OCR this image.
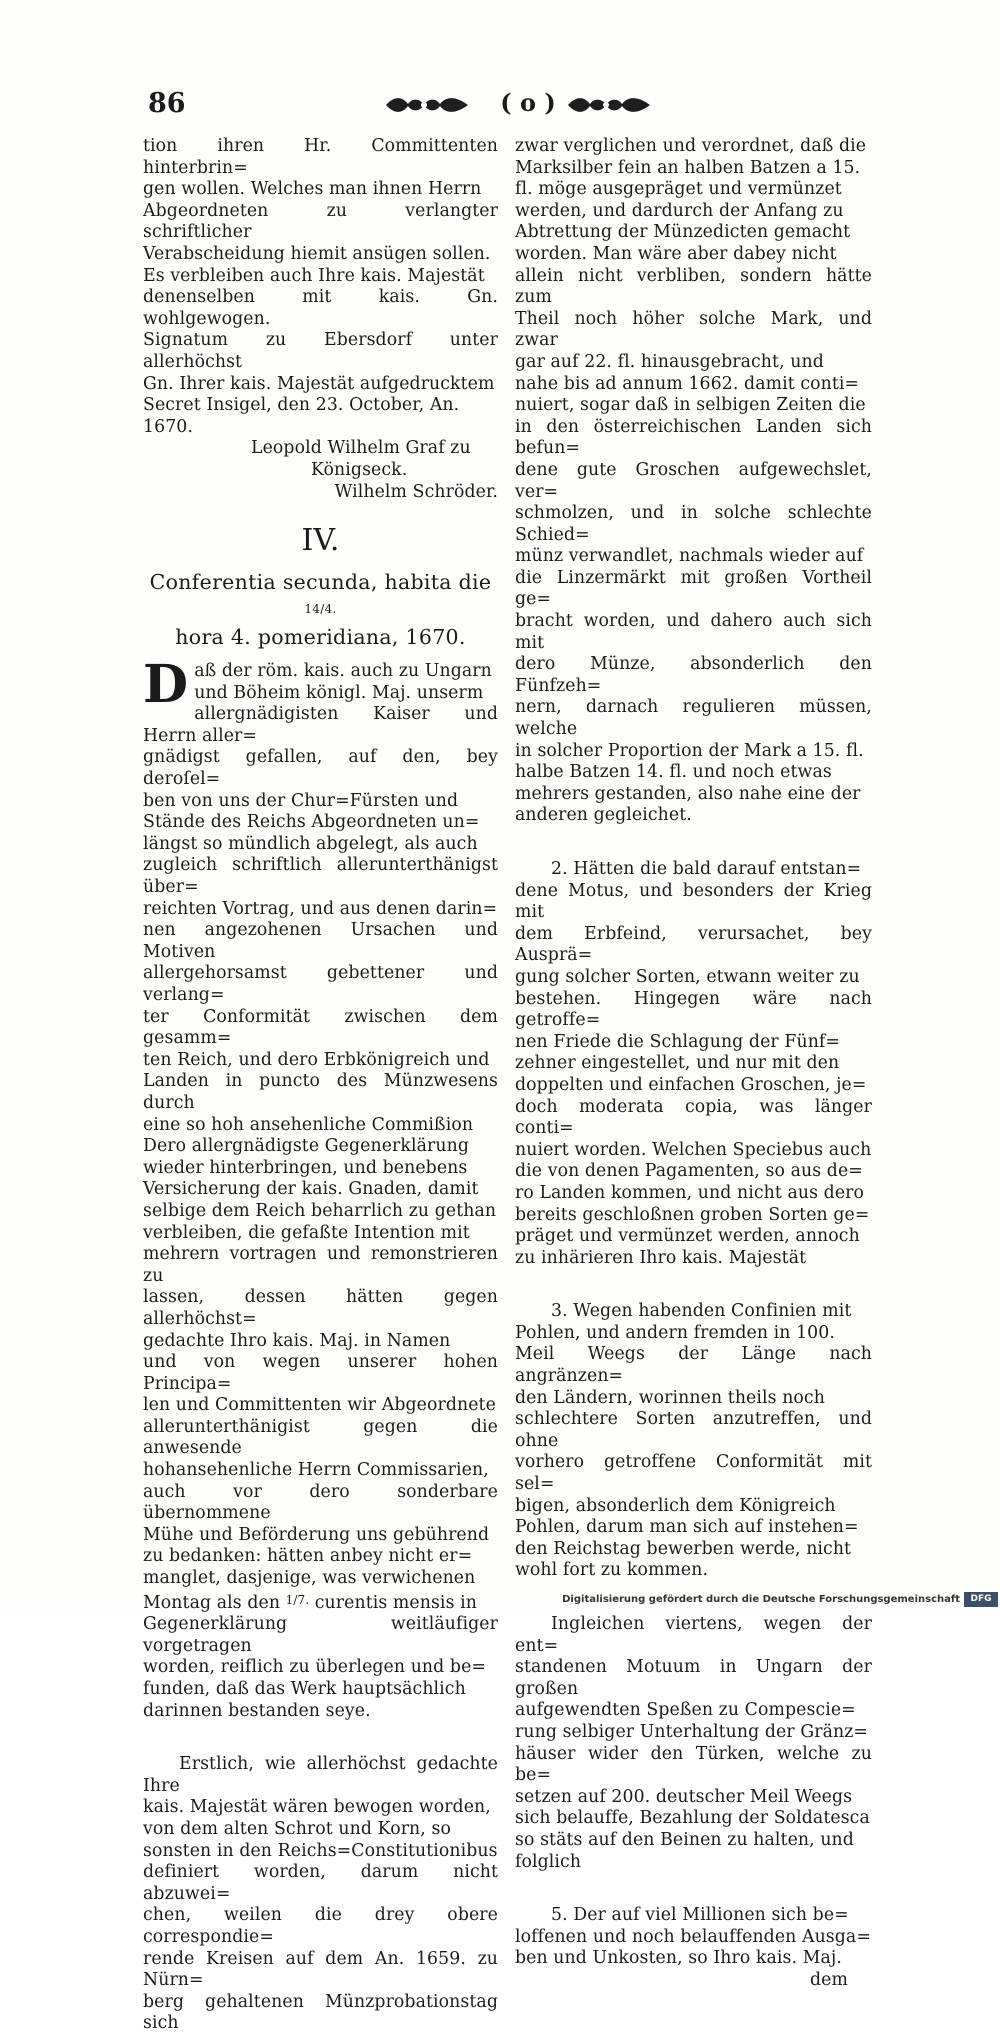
86	( o )

tion ihren Hr. Committenten hinterbrin=

gen wollen. Welches man ihnen Herrn

Abgeordneten zu verlangter schriftlicher

Verabscheidung hiemit ansügen sollen.

Es verbleiben auch Ihre kais. Majestät

denenselben mit kais. Gn. wohlgewogen.

Signatum zu Ebersdorf unter allerhöchst

Gn. Ihrer kais. Majestät aufgedrucktem

Secret Insigel, den 23. October, An.

1670.

Leopold Wilhelm Graf zu

Königseck.

Wilhelm Schröder.

IV.
Conferentia secunda, habita die 14/4.
hora 4. pomeridiana, 1670.
D aß der röm. kais. auch zu Ungarn

und Böheim königl. Maj. unserm

allergnädigisten Kaiser und Herrn aller=

gnädigst gefallen, auf den, bey deroſel=

ben von uns der Chur=Fürsten und

Stände des Reichs Abgeordneten un=

längst so mündlich abgelegt, als auch

zugleich schriftlich allerunterthänigst über=

reichten Vortrag, und aus denen darin=

nen angezohenen Ursachen und Motiven

allergehorsamst gebettener und verlang=

ter Conformität zwischen dem gesamm=

ten Reich, und dero Erbkönigreich und

Landen in puncto des Münzwesens durch

eine so hoh ansehenliche Commißion

Dero allergnädigste Gegenerklärung

wieder hinterbringen, und benebens

Versicherung der kais. Gnaden, damit

selbige dem Reich beharrlich zu gethan

verbleiben, die gefaßte Intention mit

mehrern vortragen und remonstrieren zu

lassen, dessen hätten gegen allerhöchst=

gedachte Ihro kais. Maj. in Namen

und von wegen unserer hohen Principa=

len und Committenten wir Abgeordnete

allerunterthänigist gegen die anwesende

hohansehenliche Herrn Commissarien,

auch vor dero sonderbare übernommene

Mühe und Beförderung uns gebührend

zu bedanken: hätten anbey nicht er=

manglet, dasjenige, was verwichenen

Montag als den $^{1/7.}$ curentis mensis in

Gegenerklärung weitläufiger vorgetragen

worden, reiflich zu überlegen und be=

funden, daß das Werk hauptsächlich

darinnen bestanden seye.

Erstlich, wie allerhöchst gedachte Ihre

kais. Majestät wären bewogen worden,

von dem alten Schrot und Korn, so

sonsten in den Reichs=Constitutionibus

definiert worden, darum nicht abzuwei=

chen, weilen die drey obere correspondie=

rende Kreisen auf dem An. 1659. zu Nürn=

berg gehaltenen Münzprobationstag sich

zwar verglichen und verordnet, daß die

Marksilber fein an halben Batzen a 15.

fl. möge ausgepräget und vermünzet

werden, und dardurch der Anfang zu

Abtrettung der Münzedicten gemacht

worden. Man wäre aber dabey nicht

allein nicht verbliben, sondern hätte zum

Theil noch höher solche Mark, und zwar

gar auf 22. fl. hinausgebracht, und

nahe bis ad annum 1662. damit conti=

nuiert, sogar daß in selbigen Zeiten die

in den österreichischen Landen sich befun=

dene gute Groschen aufgewechslet, ver=

schmolzen, und in solche schlechte Schied=

münz verwandlet, nachmals wieder auf

die Linzermärkt mit großen Vortheil ge=

bracht worden, und dahero auch sich mit

dero Münze, absonderlich den Fünfzeh=

nern, darnach regulieren müssen, welche

in solcher Proportion der Mark a 15. fl.

halbe Batzen 14. fl. und noch etwas

mehrers gestanden, also nahe eine der

anderen gegleichet.

2. Hätten die bald darauf entstan=

dene Motus, und besonders der Krieg mit

dem Erbfeind, verursachet, bey Ausprä=

gung solcher Sorten, etwann weiter zu

bestehen. Hingegen wäre nach getroffe=

nen Friede die Schlagung der Fünf=

zehner eingestellet, und nur mit den

doppelten und einfachen Groschen, je=

doch moderata copia, was länger conti=

nuiert worden. Welchen Speciebus auch

die von denen Pagamenten, so aus de=

ro Landen kommen, und nicht aus dero

bereits geschloßnen groben Sorten ge=

präget und vermünzet werden, annoch

zu inhärieren Ihro kais. Majestät

3. Wegen habenden Confinien mit

Pohlen, und andern fremden in 100.

Meil Weegs der Länge nach angränzen=

den Ländern, worinnen theils noch

schlechtere Sorten anzutreffen, und ohne

vorhero getroffene Conformität mit sel=

bigen, absonderlich dem Königreich

Pohlen, darum man sich auf instehen=

den Reichstag bewerben werde, nicht

wohl fort zu kommen.

Ingleichen viertens, wegen der ent=

standenen Motuum in Ungarn der großen

aufgewendten Speßen zu Compescie=

rung selbiger Unterhaltung der Gränz=

häuser wider den Türken, welche zu be=

setzen auf 200. deutscher Meil Weegs

sich belauffe, Bezahlung der Soldatesca

so stäts auf den Beinen zu halten, und

folglich

5. Der auf viel Millionen sich be=

loffenen und noch belauffenden Ausga=

ben und Unkosten, so Ihro kais. Maj.

dem

Digitalisierung gefördert durch die Deutsche Forschungsgemeinschaft	DFG
